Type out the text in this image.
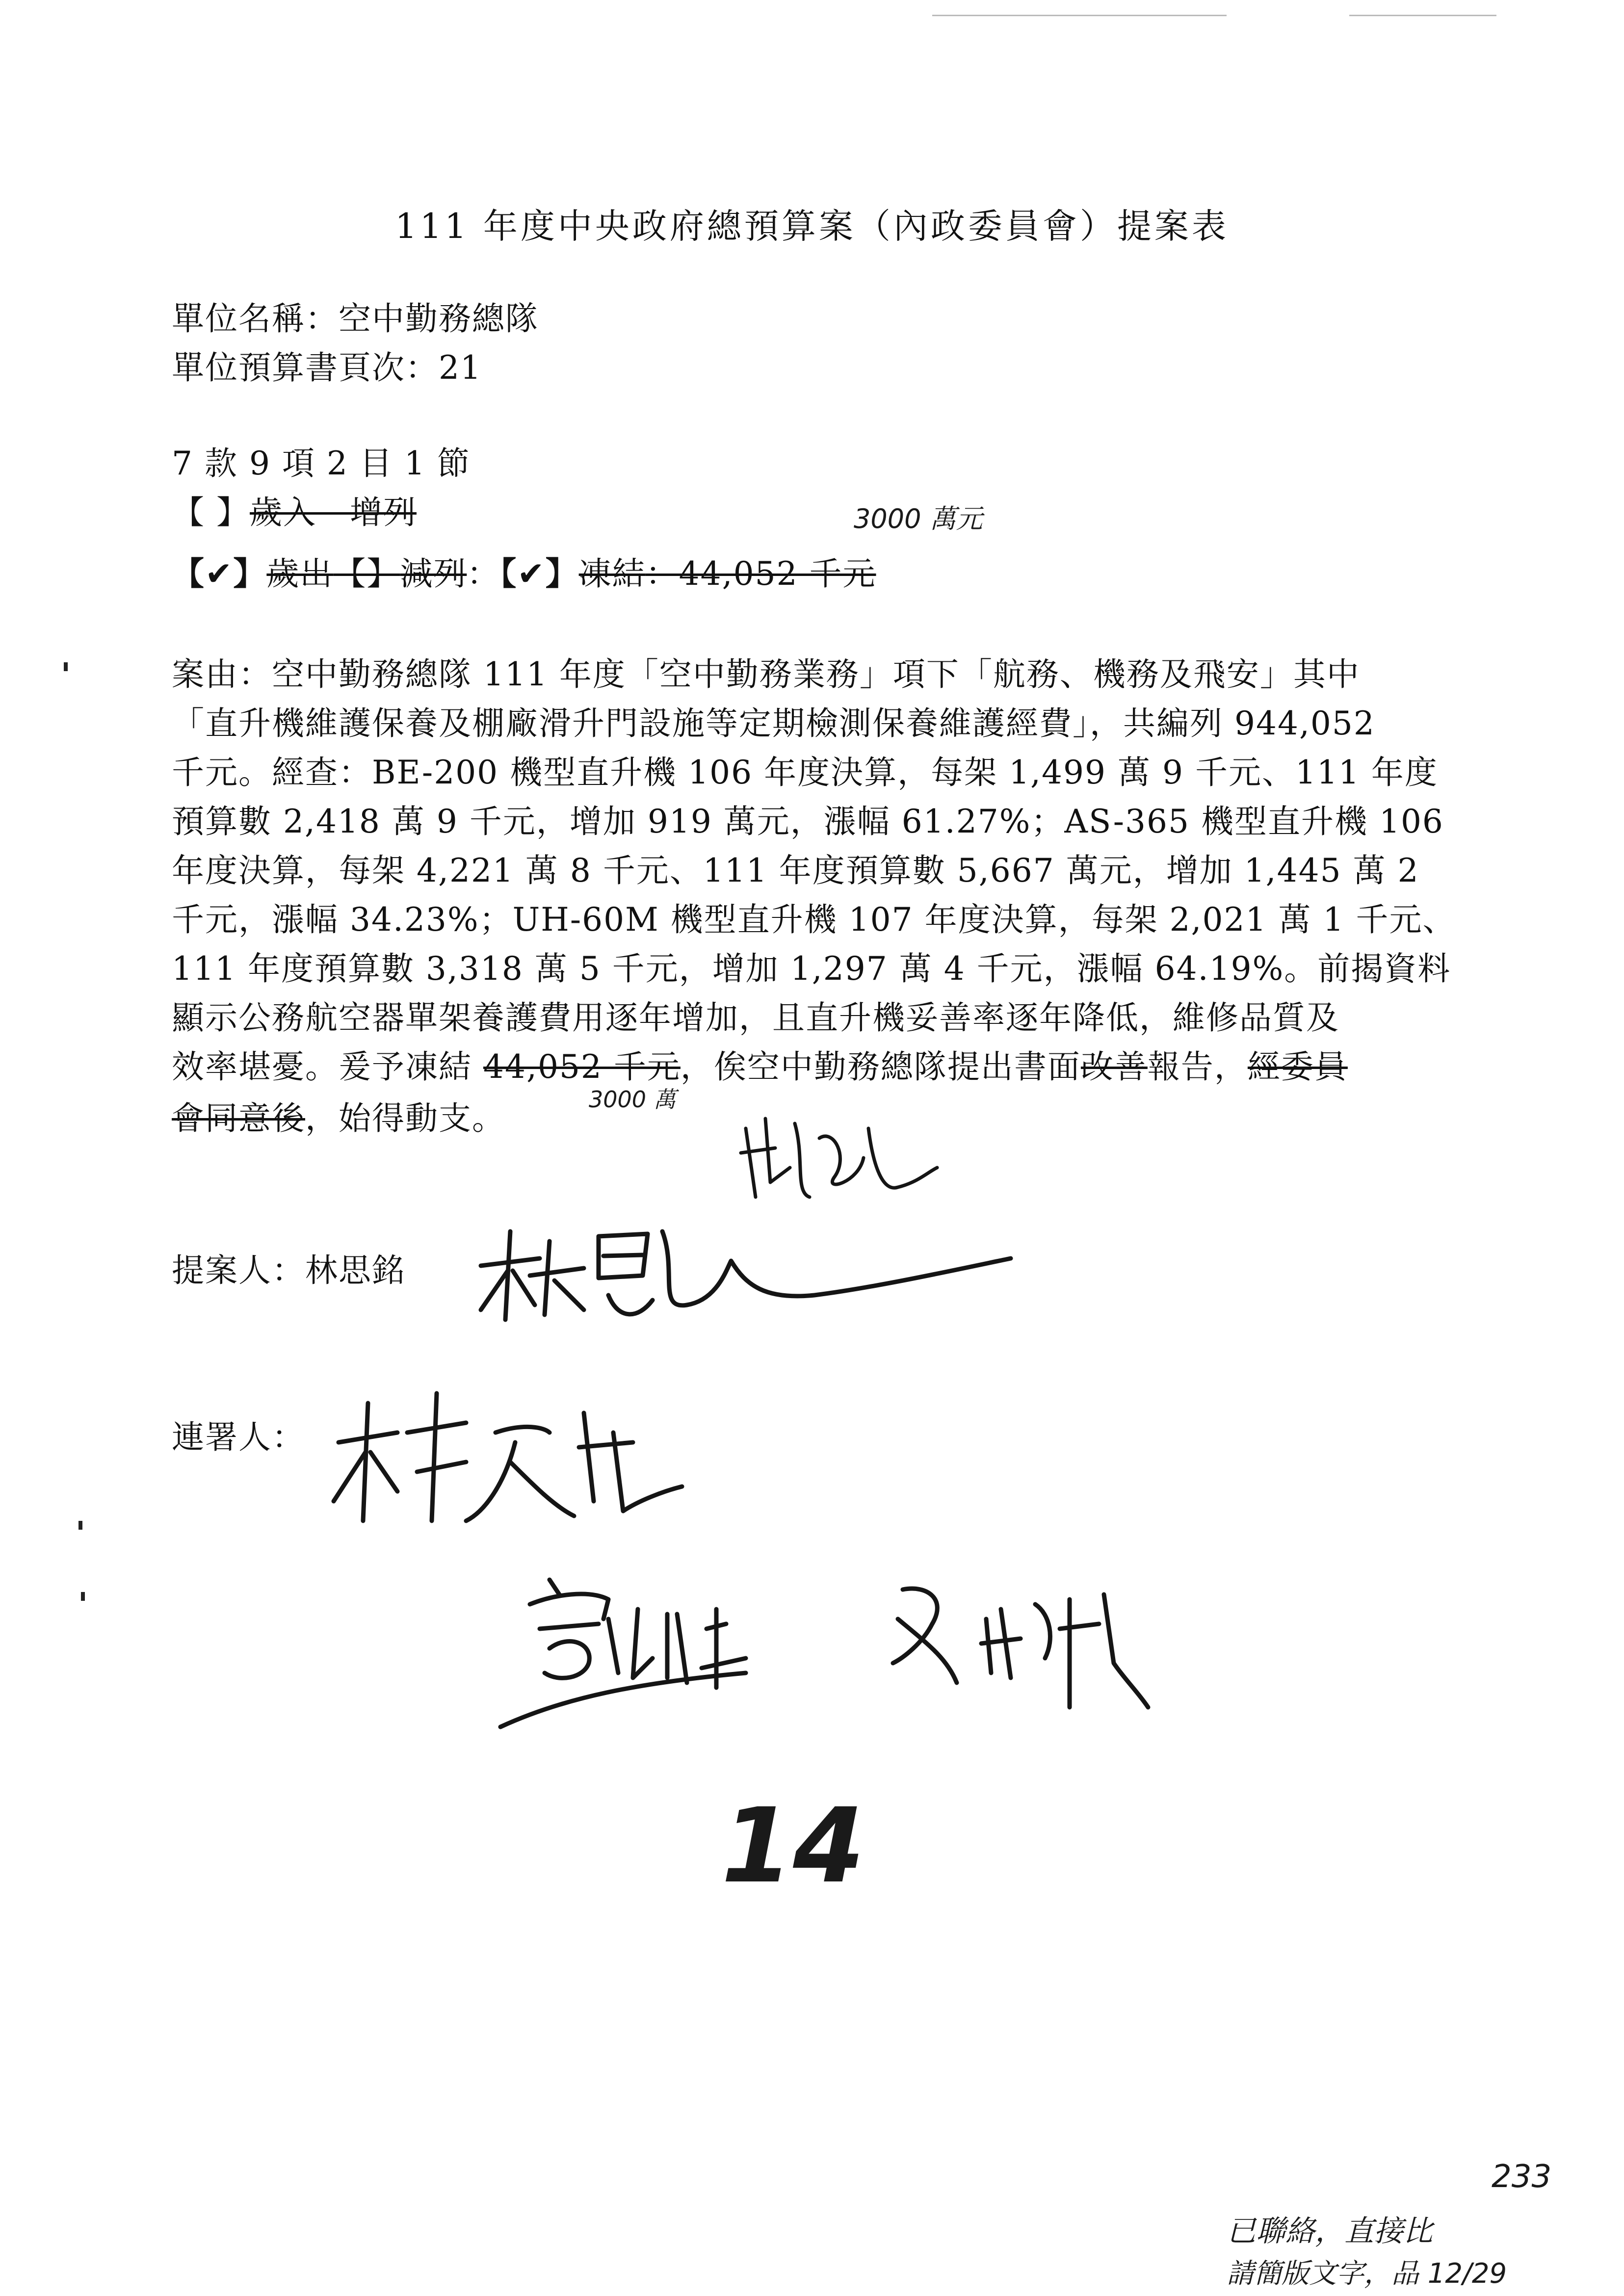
111 年度中央政府總預算案（內政委員會）提案表
單位名稱：空中勤務總隊
單位預算書頁次：21
7 款 9 項 2 目 1 節
【 】歲入　增列	3000 萬元
【✔】歲出【】減列：【✔】凍結：44,052 千元
案由：空中勤務總隊 111 年度「空中勤務業務」項下「航務、機務及飛安」其中
「直升機維護保養及棚廠滑升門設施等定期檢測保養維護經費」，共編列 944,052
千元。經查：BE-200 機型直升機 106 年度決算，每架 1,499 萬 9 千元、111 年度
預算數 2,418 萬 9 千元，增加 919 萬元，漲幅 61.27%；AS-365 機型直升機 106
年度決算，每架 4,221 萬 8 千元、111 年度預算數 5,667 萬元，增加 1,445 萬 2
千元，漲幅 34.23%；UH-60M 機型直升機 107 年度決算，每架 2,021 萬 1 千元、
111 年度預算數 3,318 萬 5 千元，增加 1,297 萬 4 千元，漲幅 64.19%。前揭資料
顯示公務航空器單架養護費用逐年增加，且直升機妥善率逐年降低，維修品質及
效率堪憂。爰予凍結 44,052 千元，俟空中勤務總隊提出書面改善報告，經委員
會同意後，始得動支。	3000 萬
提案人：林思銘
連署人：
14
233
已聯絡，直接比
請簡版文字，品 12/29
